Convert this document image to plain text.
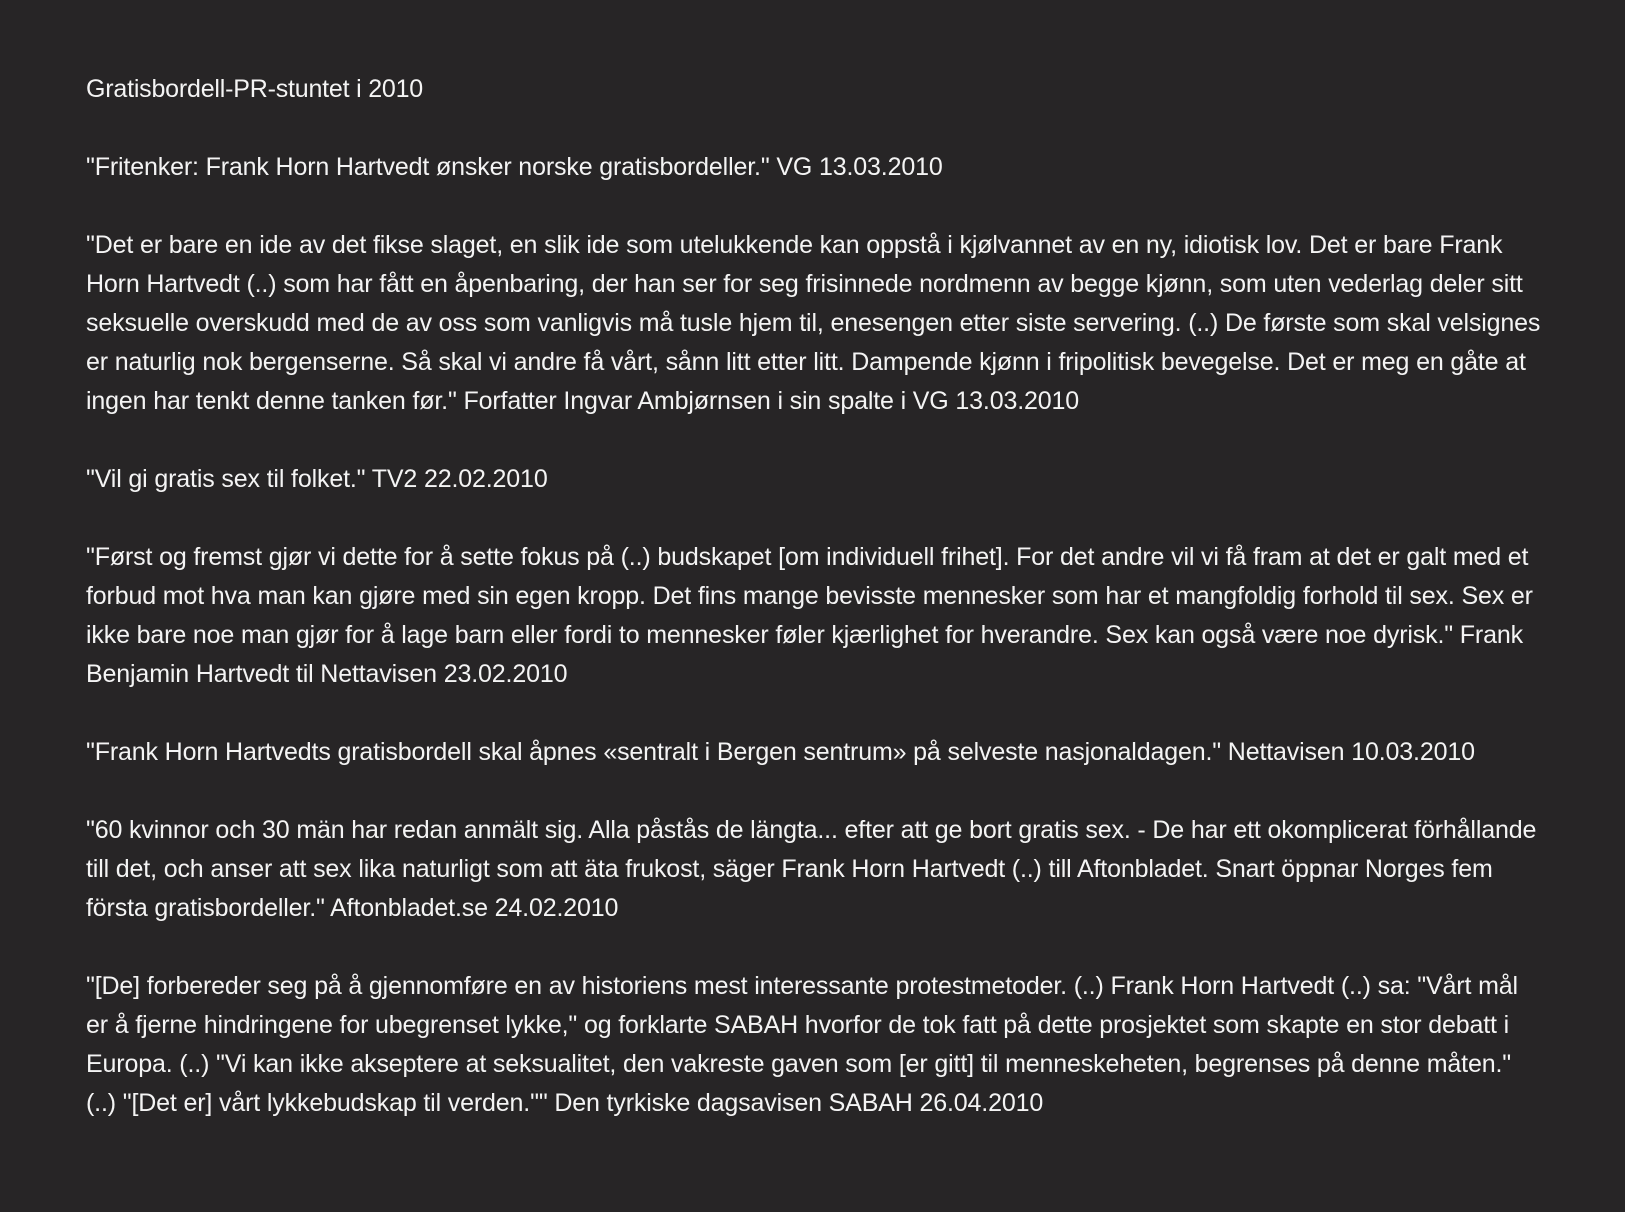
Gratisbordell-PR-stuntet i 2010
"Fritenker: Frank Horn Hartvedt ønsker norske gratisbordeller." VG 13.03.2010
"Det er bare en ide av det fikse slaget, en slik ide som utelukkende kan oppstå i kjølvannet av en ny, idiotisk lov. Det er bare Frank Horn Hartvedt (..) som har fått en åpenbaring, der han ser for seg frisinnede nordmenn av begge kjønn, som uten vederlag deler sitt seksuelle overskudd med de av oss som vanligvis må tusle hjem til, enesengen etter siste servering. (..) De første som skal velsignes er naturlig nok bergenserne. Så skal vi andre få vårt, sånn litt etter litt. Dampende kjønn i fripolitisk bevegelse. Det er meg en gåte at ingen har tenkt denne tanken før." Forfatter Ingvar Ambjørnsen i sin spalte i VG 13.03.2010
"Vil gi gratis sex til folket." TV2 22.02.2010
"Først og fremst gjør vi dette for å sette fokus på (..) budskapet [om individuell frihet]. For det andre vil vi få fram at det er galt med et forbud mot hva man kan gjøre med sin egen kropp. Det fins mange bevisste mennesker som har et mangfoldig forhold til sex. Sex er ikke bare noe man gjør for å lage barn eller fordi to mennesker føler kjærlighet for hverandre. Sex kan også være noe dyrisk." Frank Benjamin Hartvedt til Nettavisen 23.02.2010
"Frank Horn Hartvedts gratisbordell skal åpnes «sentralt i Bergen sentrum» på selveste nasjonaldagen." Nettavisen 10.03.2010
"60 kvinnor och 30 män har redan anmält sig. Alla påstås de längta... efter att ge bort gratis sex. - De har ett okomplicerat förhållande till det, och anser att sex lika naturligt som att äta frukost, säger Frank Horn Hartvedt (..) till Aftonbladet. Snart öppnar Norges fem första gratisbordeller." Aftonbladet.se 24.02.2010
"[De] forbereder seg på å gjennomføre en av historiens mest interessante protestmetoder. (..) Frank Horn Hartvedt (..) sa: "Vårt mål er å fjerne hindringene for ubegrenset lykke," og forklarte SABAH hvorfor de tok fatt på dette prosjektet som skapte en stor debatt i Europa. (..) "Vi kan ikke akseptere at seksualitet, den vakreste gaven som [er gitt] til menneskeheten, begrenses på denne måten." (..) "[Det er] vårt lykkebudskap til verden."" Den tyrkiske dagsavisen SABAH 26.04.2010
